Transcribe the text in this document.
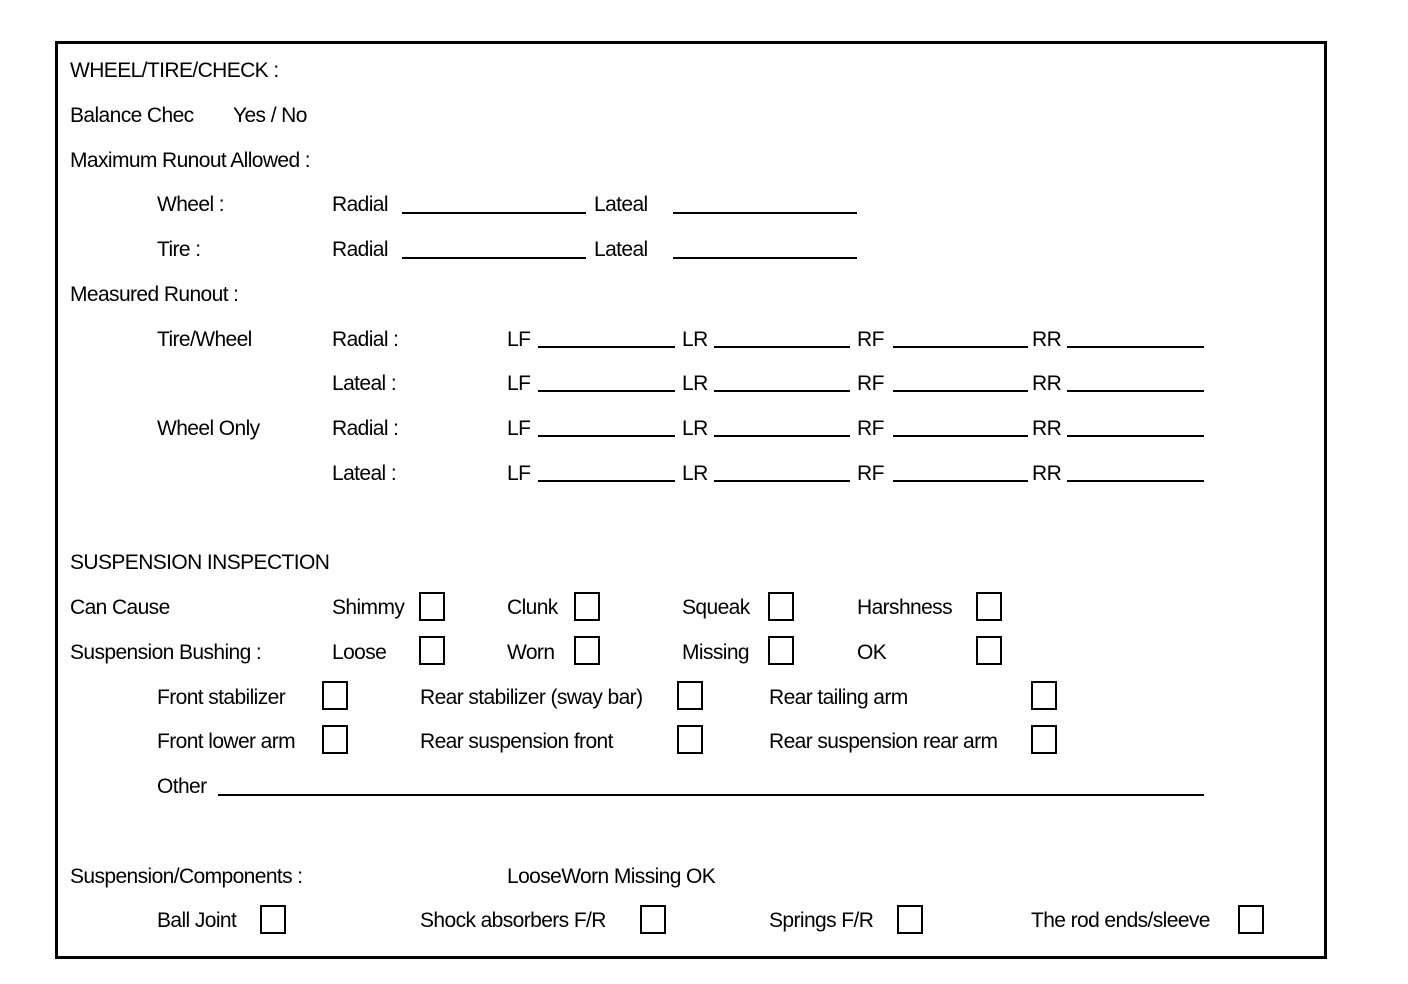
WHEEL/TIRE/CHECK :
Balance Chec Yes / No
Maximum Runout Allowed :
Wheel :	Radial	Lateal
Tire :	Radial	Lateal
Measured Runout :
Tire/Wheel	Radial :	LF	LR	RF	RR
Lateal :	LF	LR	RF	RR
Wheel Only	Radial :	LF	LR	RF	RR
Lateal :	LF	LR	RF	RR
SUSPENSION INSPECTION
Can Cause	Shimmy	Clunk	Squeak	Harshness
Suspension Bushing :	Loose	Worn	Missing	OK
Front stabilizer	Rear stabilizer (sway bar)	Rear tailing arm
Front lower arm	Rear suspension front	Rear suspension rear arm
Other
Suspension/Components :	LooseWorn Missing OK
Ball Joint	Shock absorbers F/R	Springs F/R	The rod ends/sleeve
